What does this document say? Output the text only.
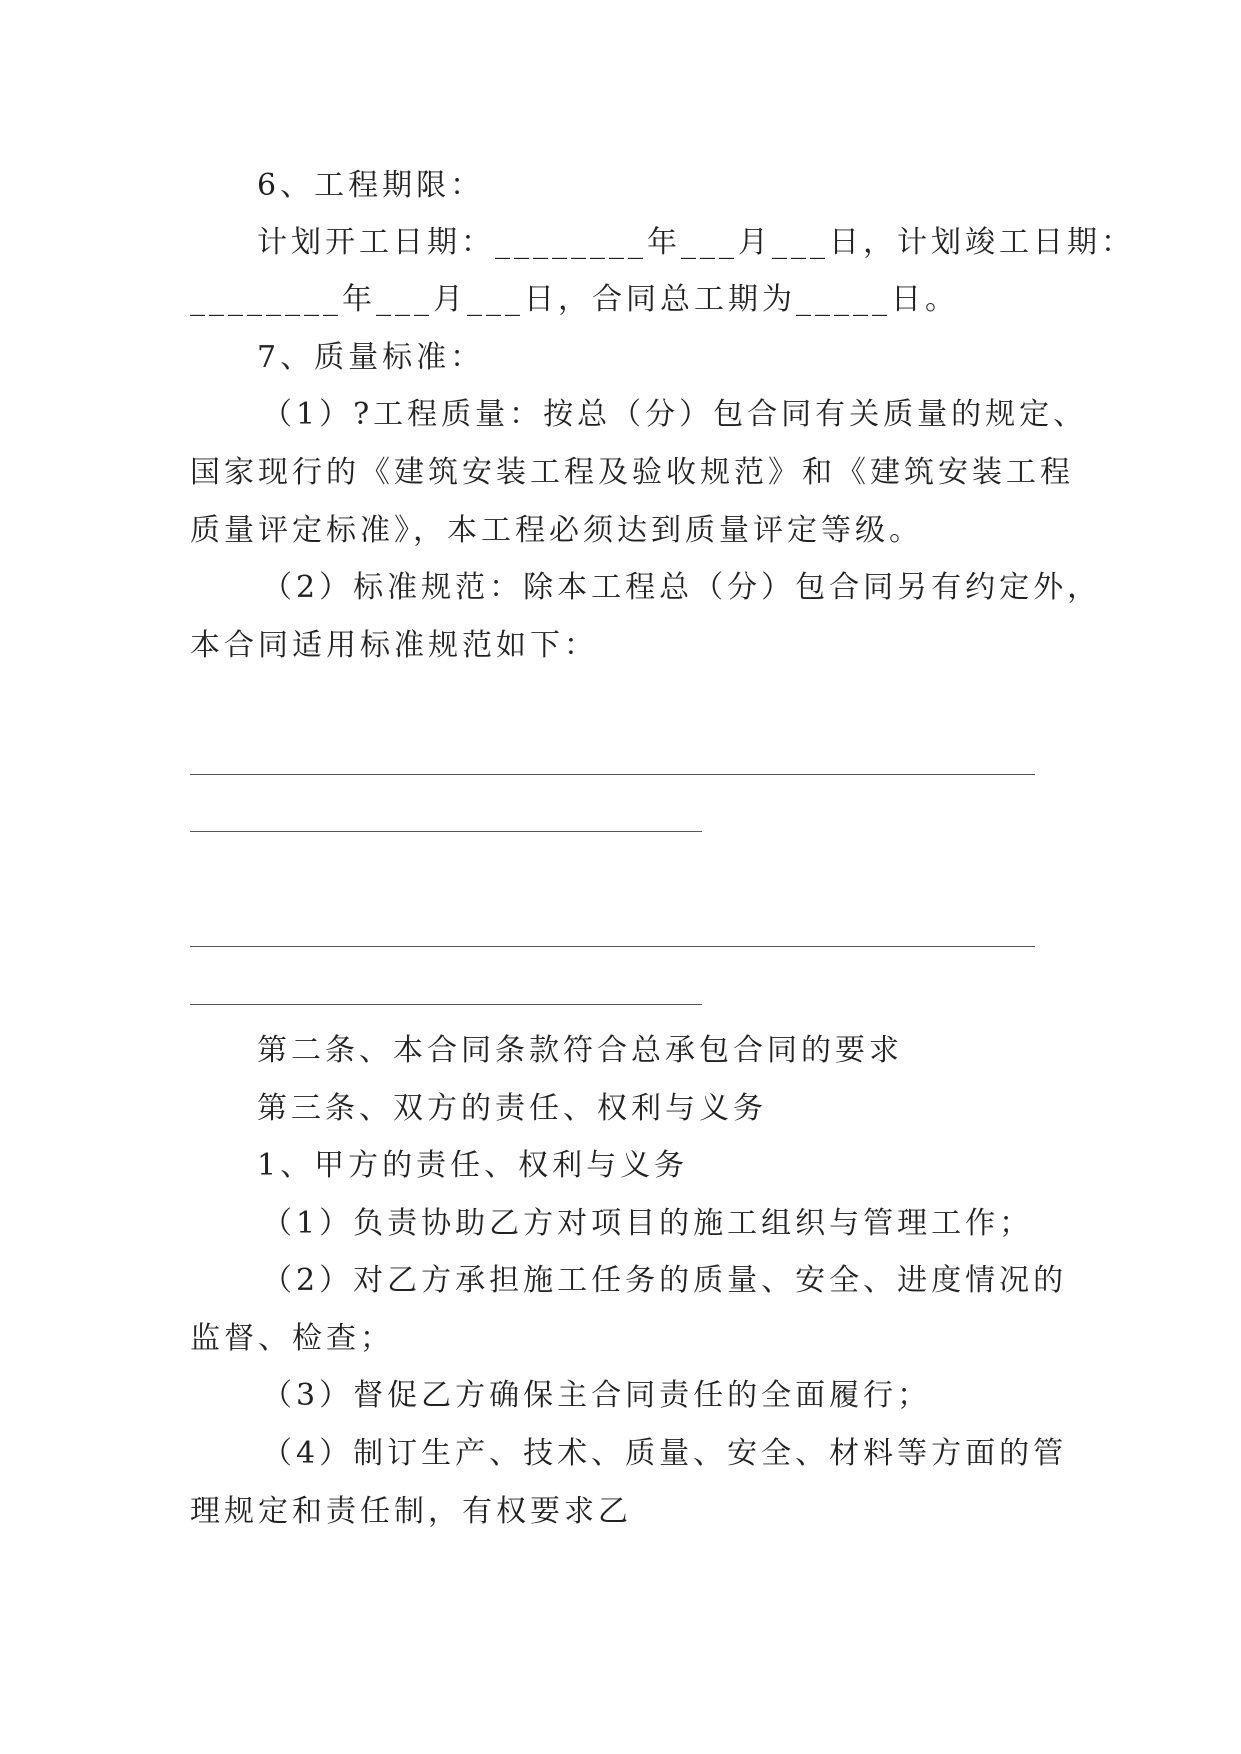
6、工程期限：

计划开工日期：________年___月___日，计划竣工日期：

________年___月___日，合同总工期为_____日。

7、质量标准：

（1）?工程质量：按总（分）包合同有关质量的规定、

国家现行的《建筑安装工程及验收规范》和《建筑安装工程

质量评定标准》，本工程必须达到质量评定等级。

（2）标准规范：除本工程总（分）包合同另有约定外，

本合同适用标准规范如下：

第二条、本合同条款符合总承包合同的要求

第三条、双方的责任、权利与义务

1、甲方的责任、权利与义务

（1）负责协助乙方对项目的施工组织与管理工作；

（2）对乙方承担施工任务的质量、安全、进度情况的

监督、检查；

（3）督促乙方确保主合同责任的全面履行；

（4）制订生产、技术、质量、安全、材料等方面的管

理规定和责任制，有权要求乙
